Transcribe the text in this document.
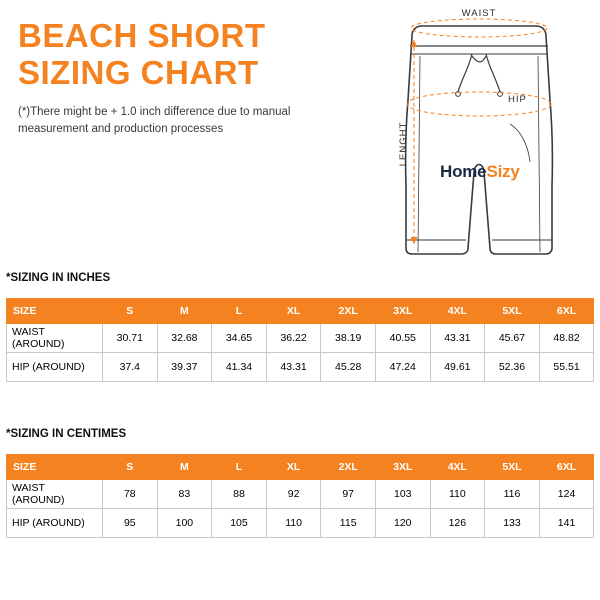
BEACH SHORT
SIZING CHART
(*)There might be + 1.0 inch difference due to manual measurement and production processes
WAIST
HIP
LENGHT
HomeSizy
*SIZING IN INCHES
SIZE	S	M	L	XL	2XL	3XL	4XL	5XL	6XL
WAIST
(AROUND)	30.71	32.68	34.65	36.22	38.19	40.55	43.31	45.67	48.82
HIP (AROUND)	37.4	39.37	41.34	43.31	45.28	47.24	49.61	52.36	55.51
*SIZING IN CENTIMES
SIZE	S	M	L	XL	2XL	3XL	4XL	5XL	6XL
WAIST
(AROUND)	78	83	88	92	97	103	110	116	124
HIP (AROUND)	95	100	105	110	115	120	126	133	141
